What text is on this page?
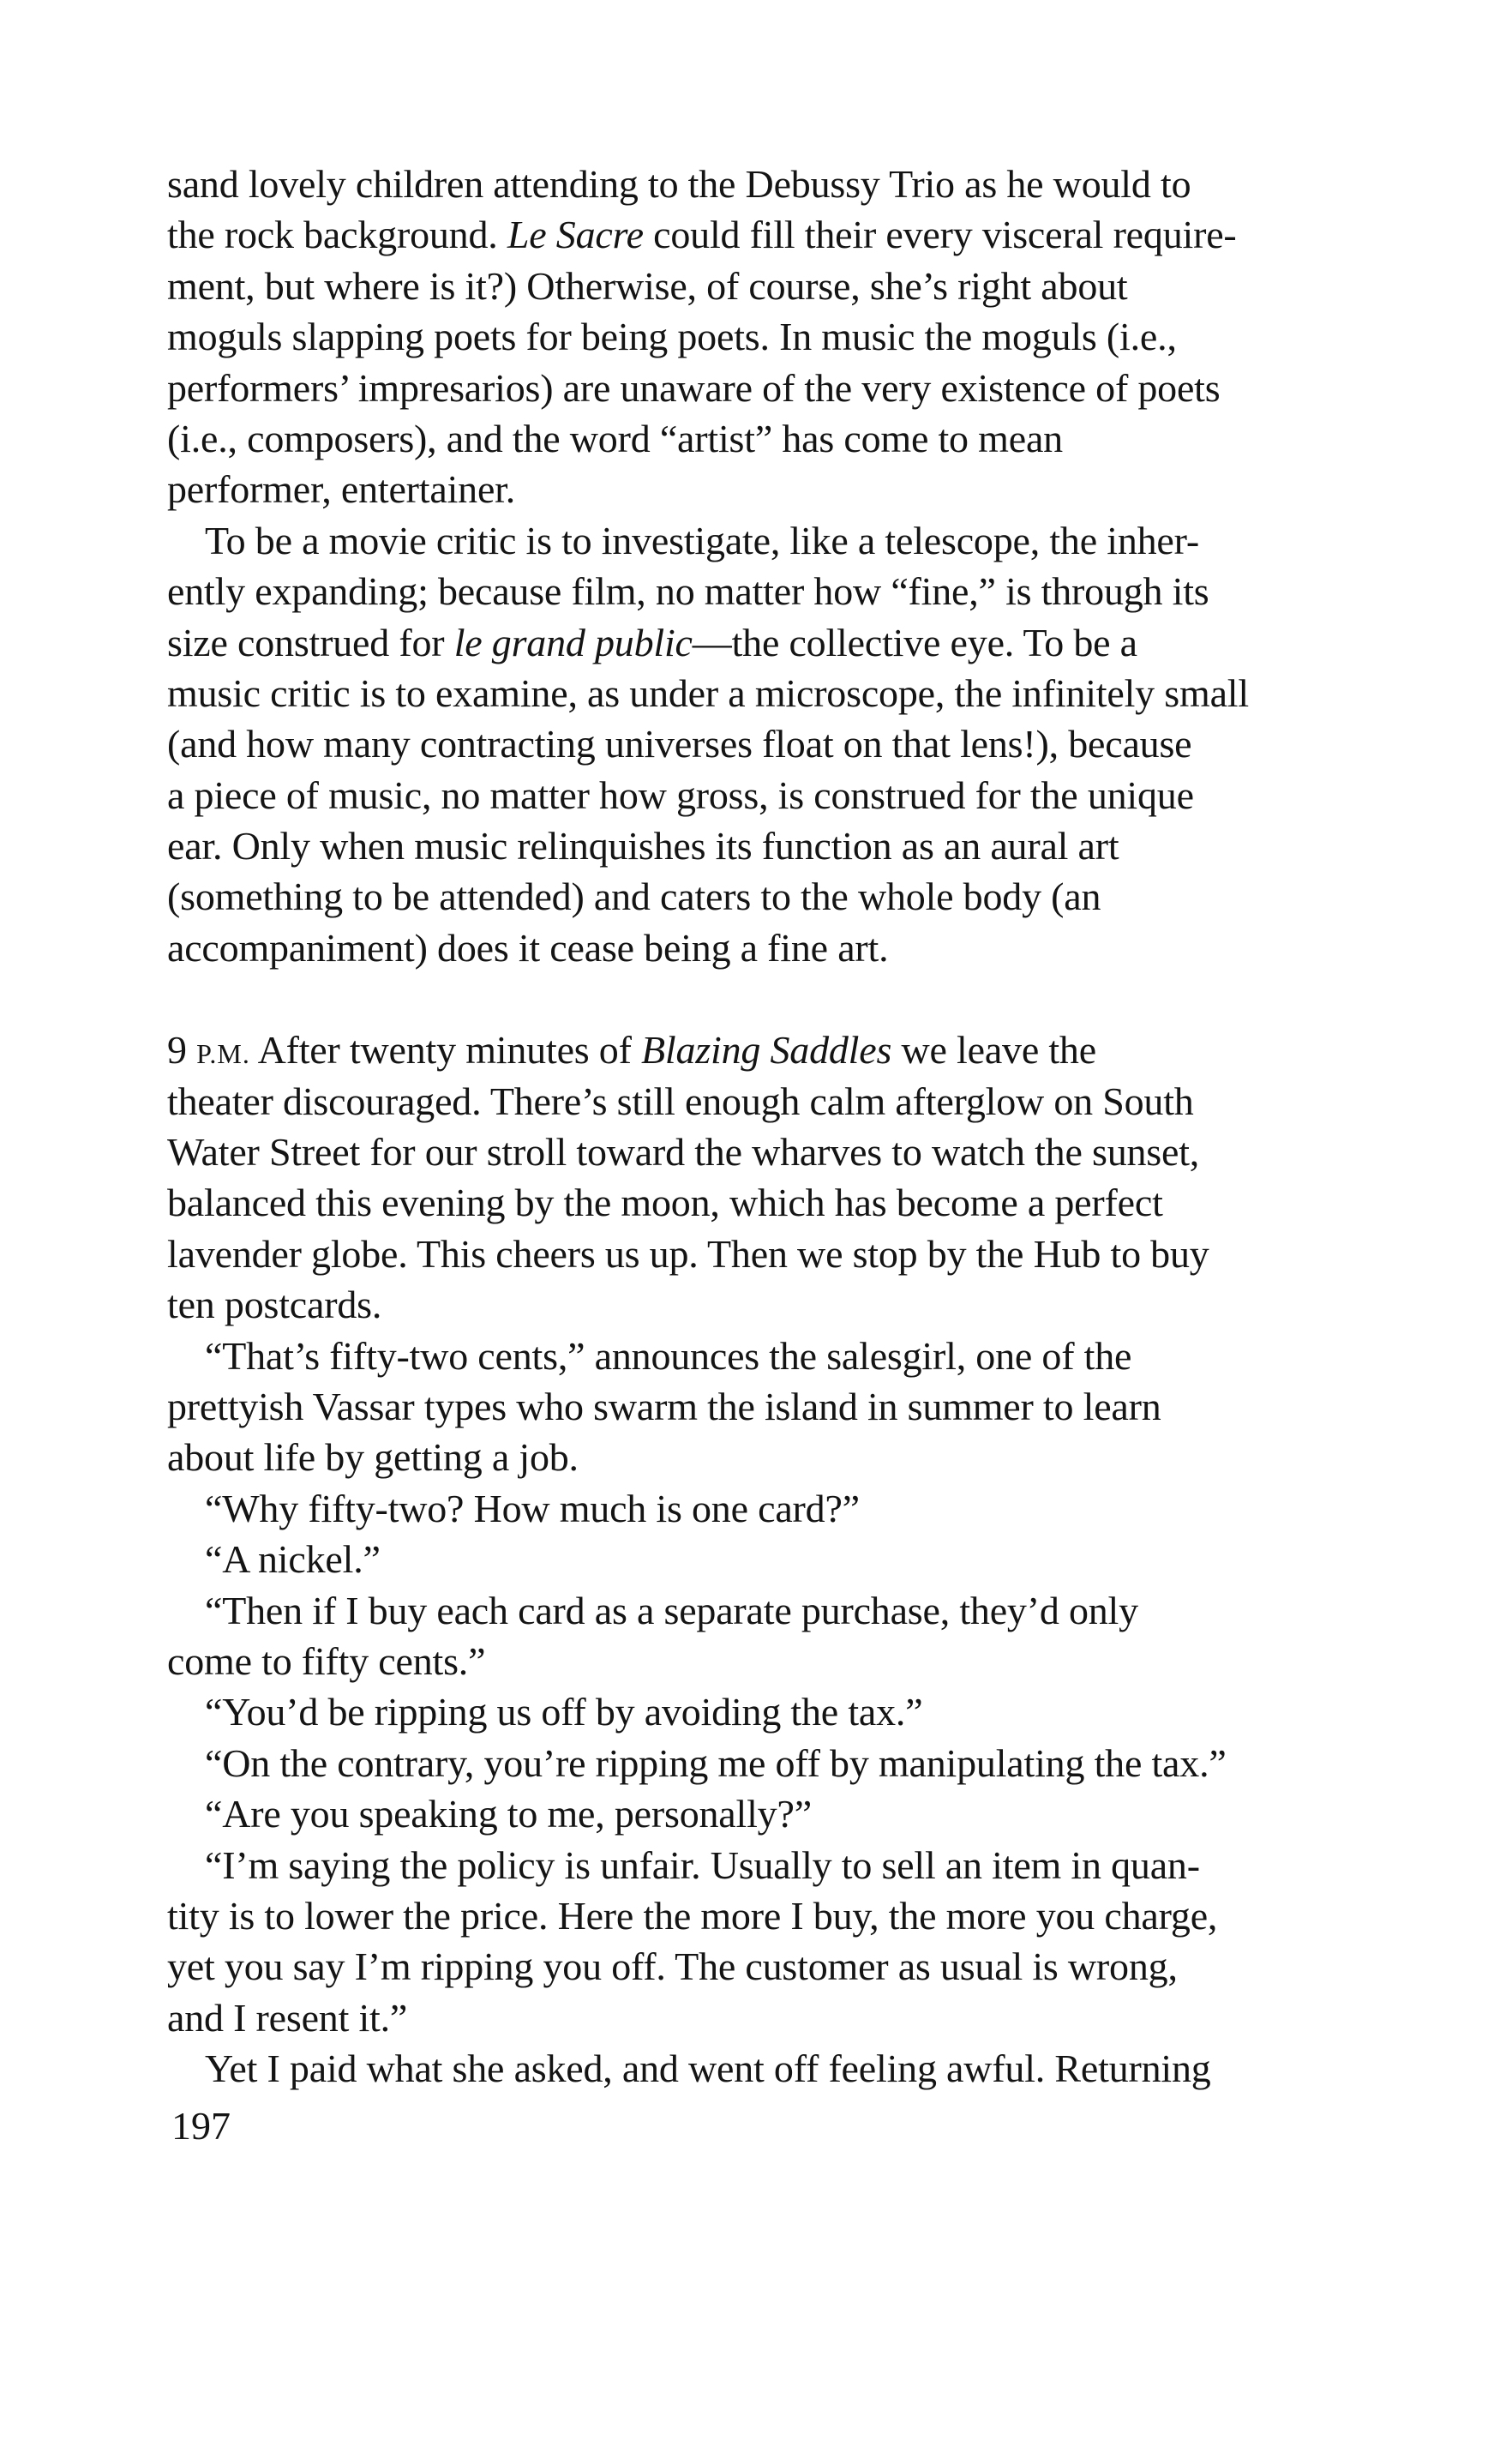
sand lovely children attending to the Debussy Trio as he would to
the rock background. Le Sacre could fill their every visceral require-
ment, but where is it?) Otherwise, of course, she’s right about
moguls slapping poets for being poets. In music the moguls (i.e.,
performers’ impresarios) are unaware of the very existence of poets
(i.e., composers), and the word “artist” has come to mean
performer, entertainer.
To be a movie critic is to investigate, like a telescope, the inher-
ently expanding; because film, no matter how “fine,” is through its
size construed for le grand public—the collective eye. To be a
music critic is to examine, as under a microscope, the infinitely small
(and how many contracting universes float on that lens!), because
a piece of music, no matter how gross, is construed for the unique
ear. Only when music relinquishes its function as an aural art
(something to be attended) and caters to the whole body (an
accompaniment) does it cease being a fine art.
9 P.M. After twenty minutes of Blazing Saddles we leave the
theater discouraged. There’s still enough calm afterglow on South
Water Street for our stroll toward the wharves to watch the sunset,
balanced this evening by the moon, which has become a perfect
lavender globe. This cheers us up. Then we stop by the Hub to buy
ten postcards.
“That’s fifty-two cents,” announces the salesgirl, one of the
prettyish Vassar types who swarm the island in summer to learn
about life by getting a job.
“Why fifty-two? How much is one card?”
“A nickel.”
“Then if I buy each card as a separate purchase, they’d only
come to fifty cents.”
“You’d be ripping us off by avoiding the tax.”
“On the contrary, you’re ripping me off by manipulating the tax.”
“Are you speaking to me, personally?”
“I’m saying the policy is unfair. Usually to sell an item in quan-
tity is to lower the price. Here the more I buy, the more you charge,
yet you say I’m ripping you off. The customer as usual is wrong,
and I resent it.”
Yet I paid what she asked, and went off feeling awful. Returning
197
